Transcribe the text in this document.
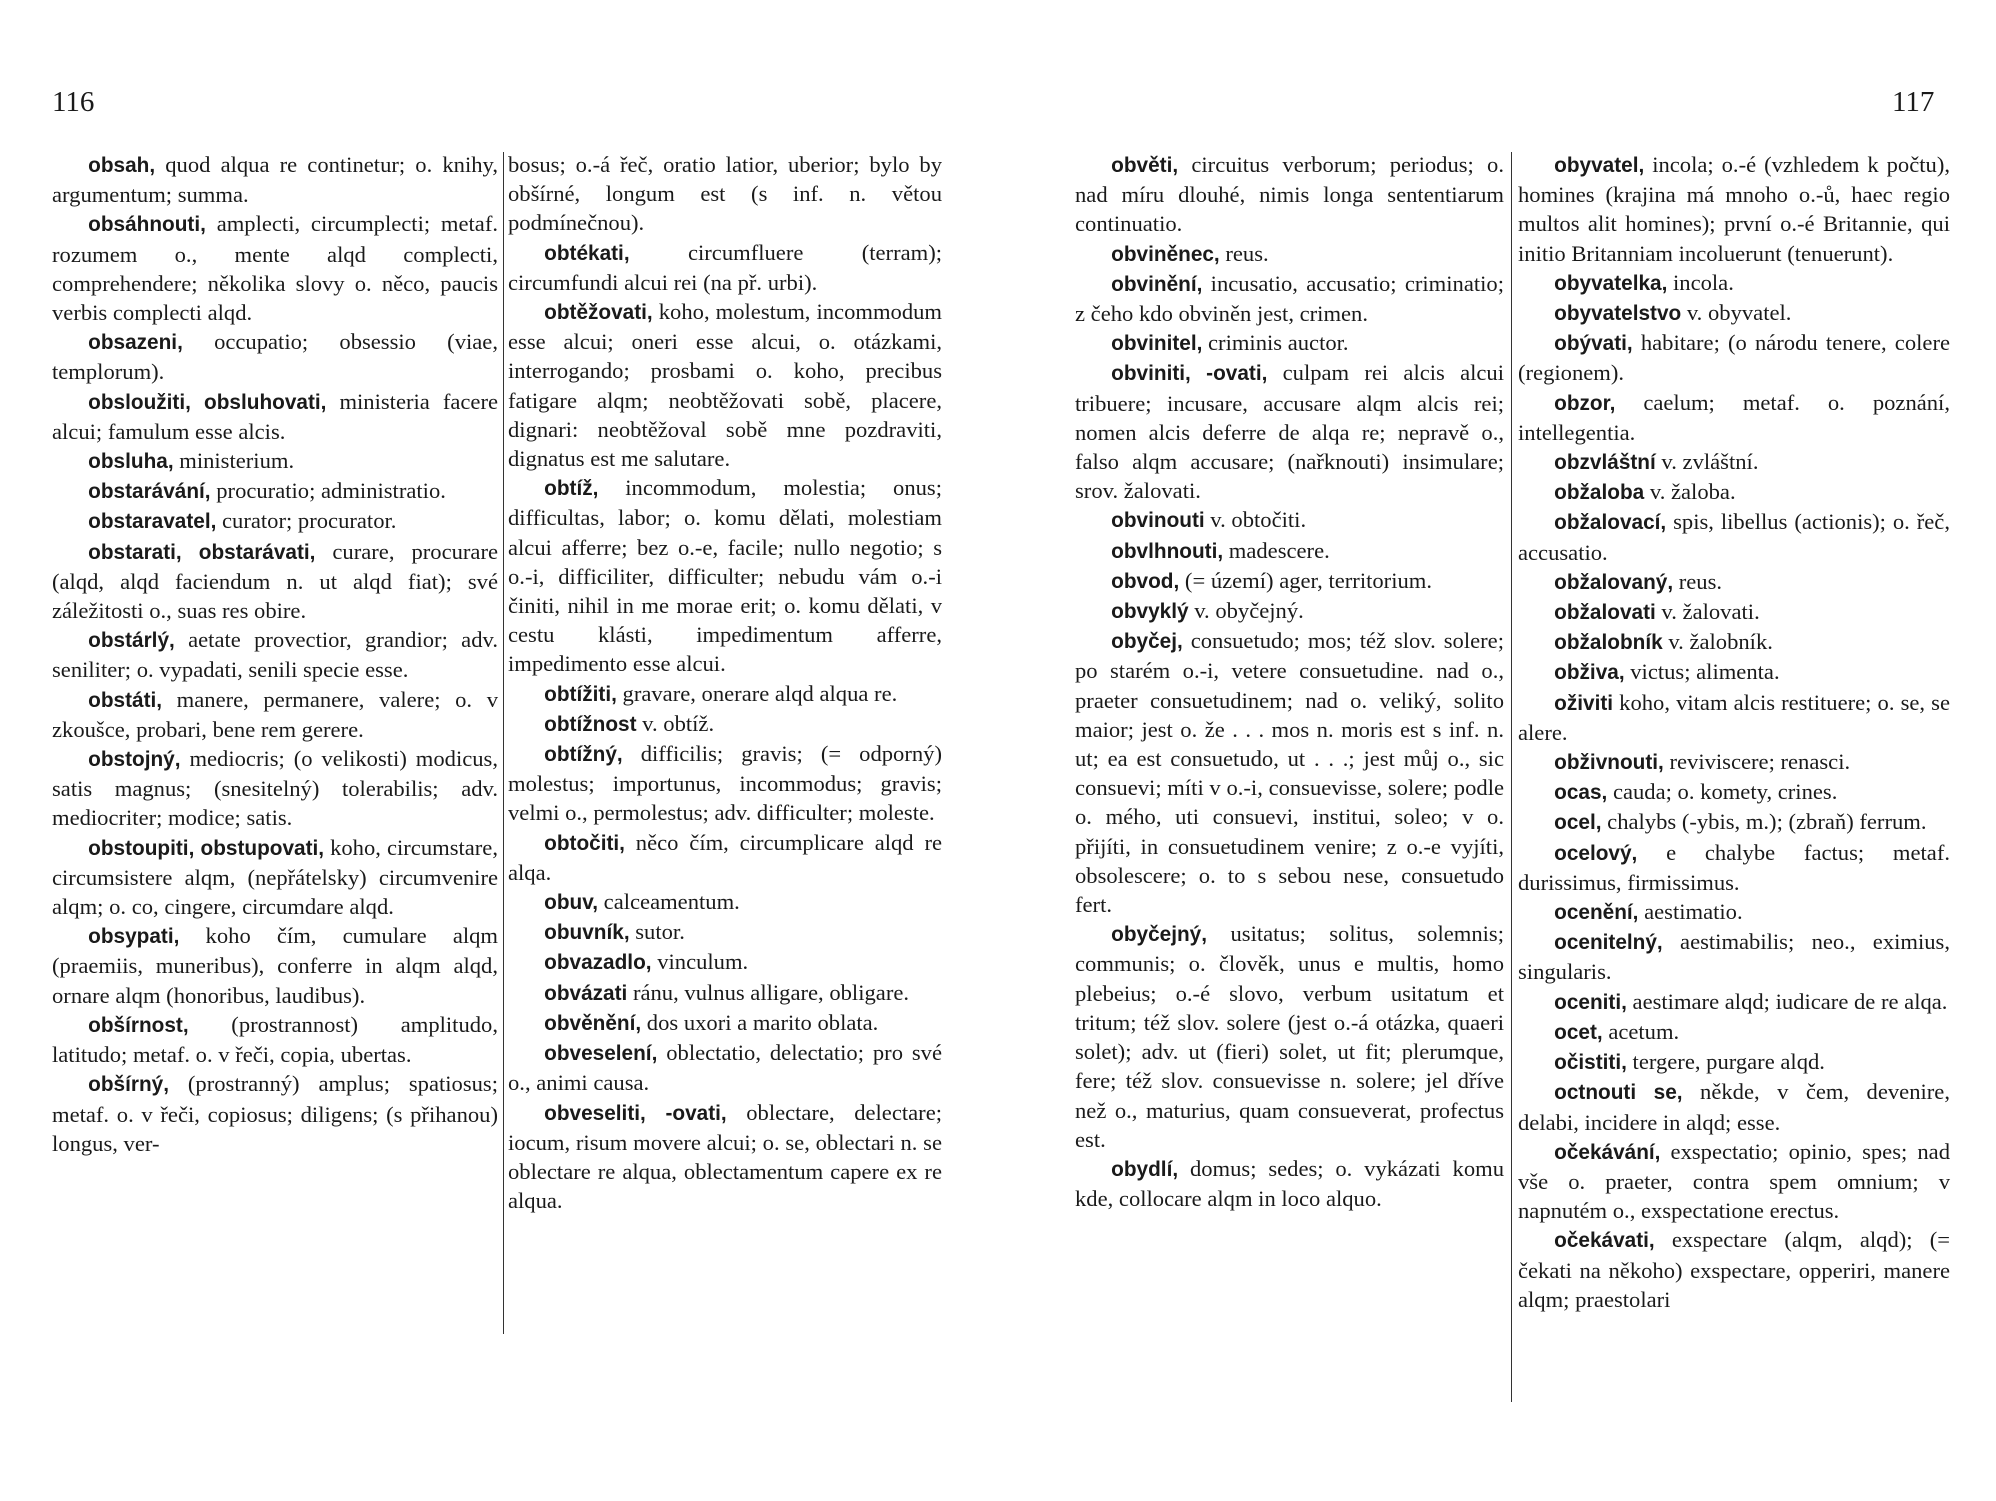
116	117

obsah, quod alqua re continetur; o. knihy, argumentum; summa.

obsáhnouti, amplecti, circumplecti; metaf. rozumem o., mente alqd complecti, comprehendere; několika slovy o. něco, paucis verbis complecti alqd.

obsazeni, occupatio; obsessio (viae, templorum).

obsloužiti, obsluhovati, ministeria facere alcui; famulum esse alcis.

obsluha, ministerium.

obstarávání, procuratio; administratio.

obstaravatel, curator; procurator.

obstarati, obstarávati, curare, procurare (alqd, alqd faciendum n. ut alqd fiat); své záležitosti o., suas res obire.

obstárlý, aetate provectior, grandior; adv. seniliter; o. vypadati, senili specie esse.

obstáti, manere, permanere, valere; o. v zkoušce, probari, bene rem gerere.

obstojný, mediocris; (o velikosti) modicus, satis magnus; (snesitelný) tolerabilis; adv. mediocriter; modice; satis.

obstoupiti, obstupovati, koho, circumstare, circumsistere alqm, (nepřátelsky) circumvenire alqm; o. co, cingere, circumdare alqd.

obsypati, koho čím, cumulare alqm (praemiis, muneribus), conferre in alqm alqd, ornare alqm (honoribus, laudibus).

obšírnost, (prostrannost) amplitudo, latitudo; metaf. o. v řeči, copia, ubertas.

obšírný, (prostranný) amplus; spatiosus; metaf. o. v řeči, copiosus; diligens; (s přihanou) longus, ver-

bosus; o.-á řeč, oratio latior, uberior; bylo by obšírné, longum est (s inf. n. větou podmínečnou).

obtékati, circumfluere (terram); circumfundi alcui rei (na př. urbi).

obtěžovati, koho, molestum, incommodum esse alcui; oneri esse alcui, o. otázkami, interrogando; prosbami o. koho, precibus fatigare alqm; neobtěžovati sobě, placere, dignari: neobtěžoval sobě mne pozdraviti, dignatus est me salutare.

obtíž, incommodum, molestia; onus; difficultas, labor; o. komu dělati, molestiam alcui afferre; bez o.-e, facile; nullo negotio; s o.-i, difficiliter, difficulter; nebudu vám o.-i činiti, nihil in me morae erit; o. komu dělati, v cestu klásti, impedimentum afferre, impedimento esse alcui.

obtížiti, gravare, onerare alqd alqua re.

obtížnost v. obtíž.

obtížný, difficilis; gravis; (= odporný) molestus; importunus, incommodus; gravis; velmi o., permolestus; adv. difficulter; moleste.

obtočiti, něco čím, circumplicare alqd re alqa.

obuv, calceamentum.

obuvník, sutor.

obvazadlo, vinculum.

obvázati ránu, vulnus alligare, obligare.

obvěnění, dos uxori a marito oblata.

obveselení, oblectatio, delectatio; pro své o., animi causa.

obveseliti, -ovati, oblectare, delectare; iocum, risum movere alcui; o. se, oblectari n. se oblectare re alqua, oblectamentum capere ex re alqua.

obvěti, circuitus verborum; periodus; o. nad míru dlouhé, nimis longa sententiarum continuatio.

obviněnec, reus.

obvinění, incusatio, accusatio; criminatio; z čeho kdo obviněn jest, crimen.

obvinitel, criminis auctor.

obviniti, -ovati, culpam rei alcis alcui tribuere; incusare, accusare alqm alcis rei; nomen alcis deferre de alqa re; nepravě o., falso alqm accusare; (nařknouti) insimulare; srov. žalovati.

obvinouti v. obtočiti.

obvlhnouti, madescere.

obvod, (= území) ager, territorium.

obvyklý v. obyčejný.

obyčej, consuetudo; mos; též slov. solere; po starém o.-i, vetere consuetudine. nad o., praeter consuetudinem; nad o. veliký, solito maior; jest o. že . . . mos n. moris est s inf. n. ut; ea est consuetudo, ut . . .; jest můj o., sic consuevi; míti v o.-i, consuevisse, solere; podle o. mého, uti consuevi, institui, soleo; v o. přijíti, in consuetudinem venire; z o.-e vyjíti, obsolescere; o. to s sebou nese, consuetudo fert.

obyčejný, usitatus; solitus, solemnis; communis; o. člověk, unus e multis, homo plebeius; o.-é slovo, verbum usitatum et tritum; též slov. solere (jest o.-á otázka, quaeri solet); adv. ut (fieri) solet, ut fit; plerumque, fere; též slov. consuevisse n. solere; jel dříve než o., maturius, quam consueverat, profectus est.

obydlí, domus; sedes; o. vykázati komu kde, collocare alqm in loco alquo.

obyvatel, incola; o.-é (vzhledem k počtu), homines (krajina má mnoho o.-ů, haec regio multos alit homines); první o.-é Britannie, qui initio Britanniam incoluerunt (tenuerunt).

obyvatelka, incola.

obyvatelstvo v. obyvatel.

obývati, habitare; (o národu tenere, colere (regionem).

obzor, caelum; metaf. o. poznání, intellegentia.

obzvláštní v. zvláštní.

obžaloba v. žaloba.

obžalovací, spis, libellus (actionis); o. řeč, accusatio.

obžalovaný, reus.

obžalovati v. žalovati.

obžalobník v. žalobník.

obživa, victus; alimenta.

oživiti koho, vitam alcis restituere; o. se, se alere.

obživnouti, reviviscere; renasci.

ocas, cauda; o. komety, crines.

ocel, chalybs (-ybis, m.); (zbraň) ferrum.

ocelový, e chalybe factus; metaf. durissimus, firmissimus.

ocenění, aestimatio.

ocenitelný, aestimabilis; neo., eximius, singularis.

oceniti, aestimare alqd; iudicare de re alqa.

ocet, acetum.

očistiti, tergere, purgare alqd.

octnouti se, někde, v čem, devenire, delabi, incidere in alqd; esse.

očekávání, exspectatio; opinio, spes; nad vše o. praeter, contra spem omnium; v napnutém o., exspectatione erectus.

očekávati, exspectare (alqm, alqd); (= čekati na někoho) exspectare, opperiri, manere alqm; praestolari
